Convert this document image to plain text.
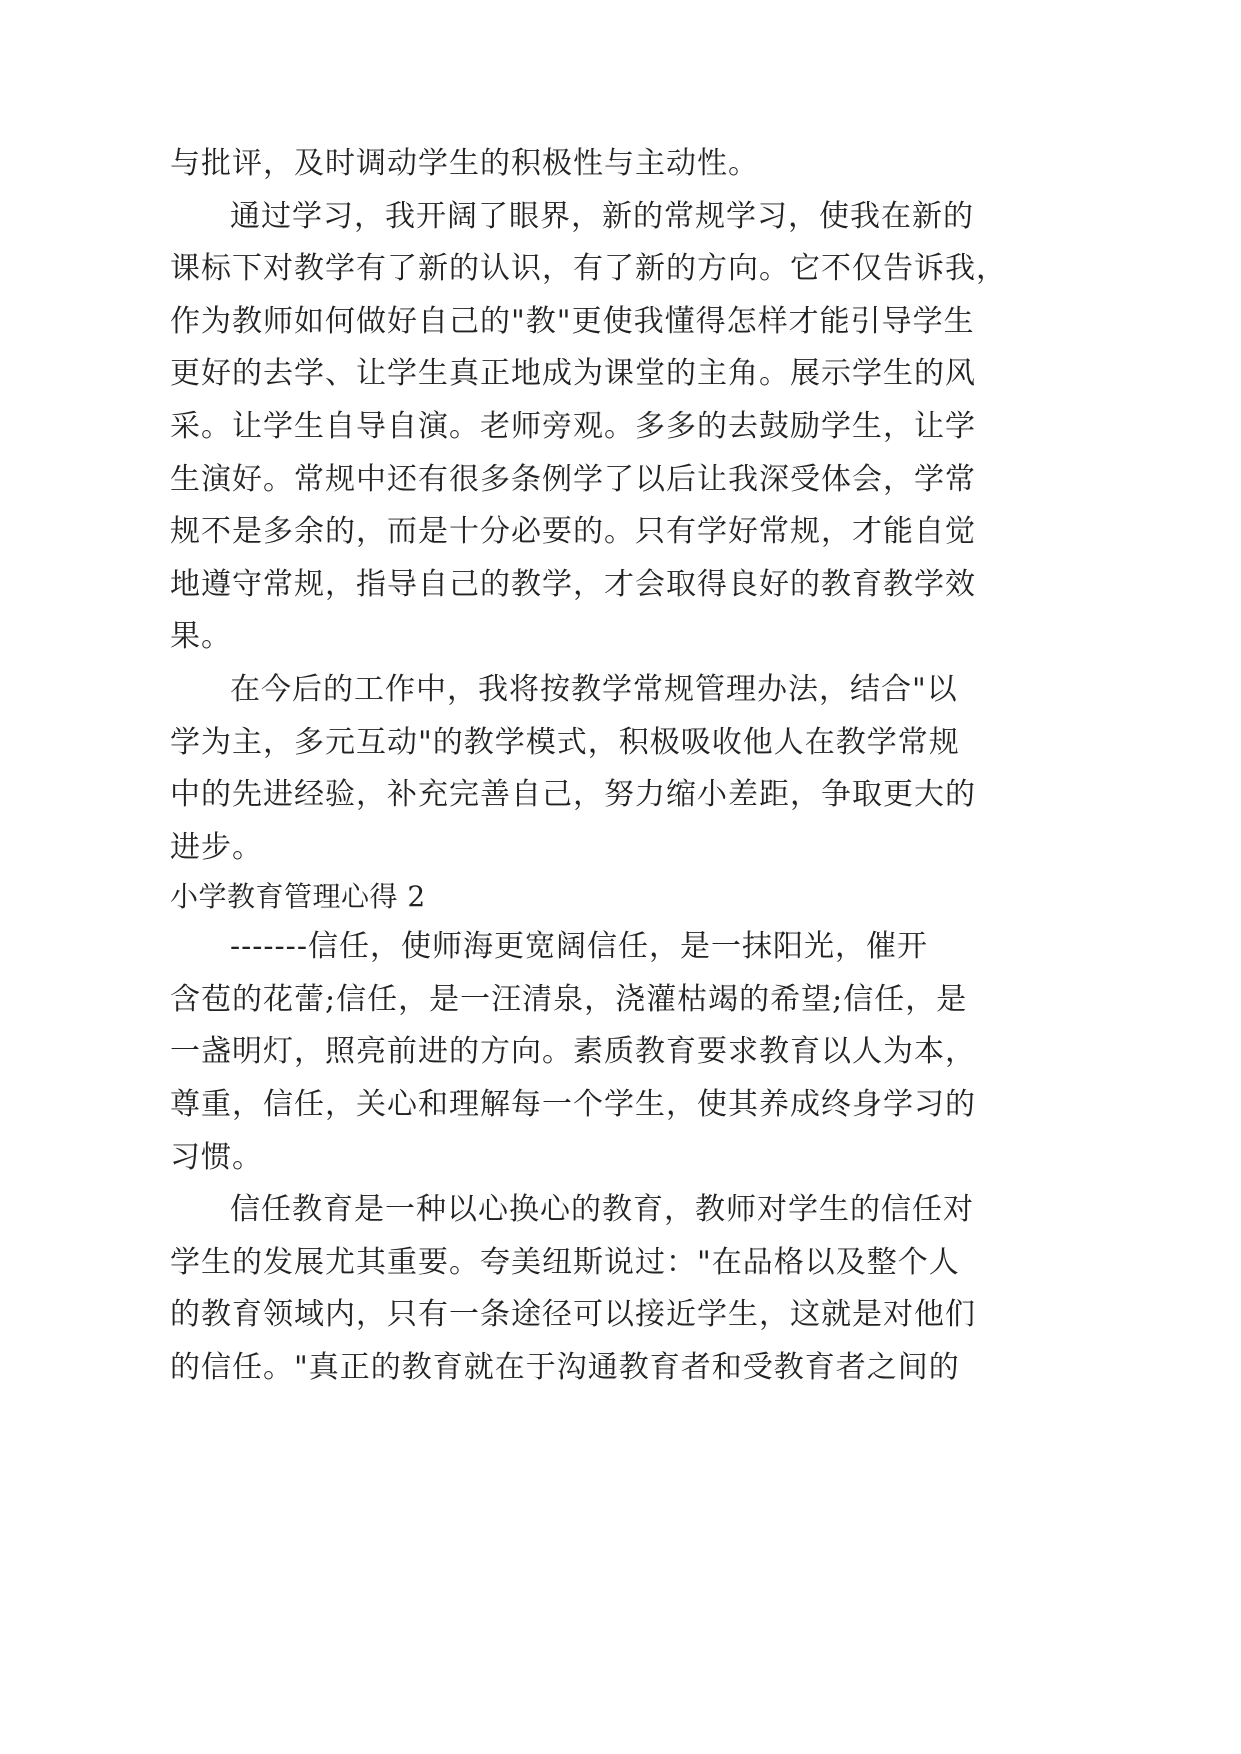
与批评，及时调动学生的积极性与主动性。
通过学习，我开阔了眼界，新的常规学习，使我在新的
课标下对教学有了新的认识，有了新的方向。它不仅告诉我，
作为教师如何做好自己的"教"更使我懂得怎样才能引导学生
更好的去学、让学生真正地成为课堂的主角。展示学生的风
采。让学生自导自演。老师旁观。多多的去鼓励学生，让学
生演好。常规中还有很多条例学了以后让我深受体会，学常
规不是多余的，而是十分必要的。只有学好常规，才能自觉
地遵守常规，指导自己的教学，才会取得良好的教育教学效
果。
在今后的工作中，我将按教学常规管理办法，结合"以
学为主，多元互动"的教学模式，积极吸收他人在教学常规
中的先进经验，补充完善自己，努力缩小差距，争取更大的
进步。
小学教育管理心得 2
-------信任，使师海更宽阔信任，是一抹阳光，催开
含苞的花蕾;信任，是一汪清泉，浇灌枯竭的希望;信任，是
一盏明灯，照亮前进的方向。素质教育要求教育以人为本，
尊重，信任，关心和理解每一个学生，使其养成终身学习的
习惯。
信任教育是一种以心换心的教育，教师对学生的信任对
学生的发展尤其重要。夸美纽斯说过："在品格以及整个人
的教育领域内，只有一条途径可以接近学生，这就是对他们
的信任。"真正的教育就在于沟通教育者和受教育者之间的
